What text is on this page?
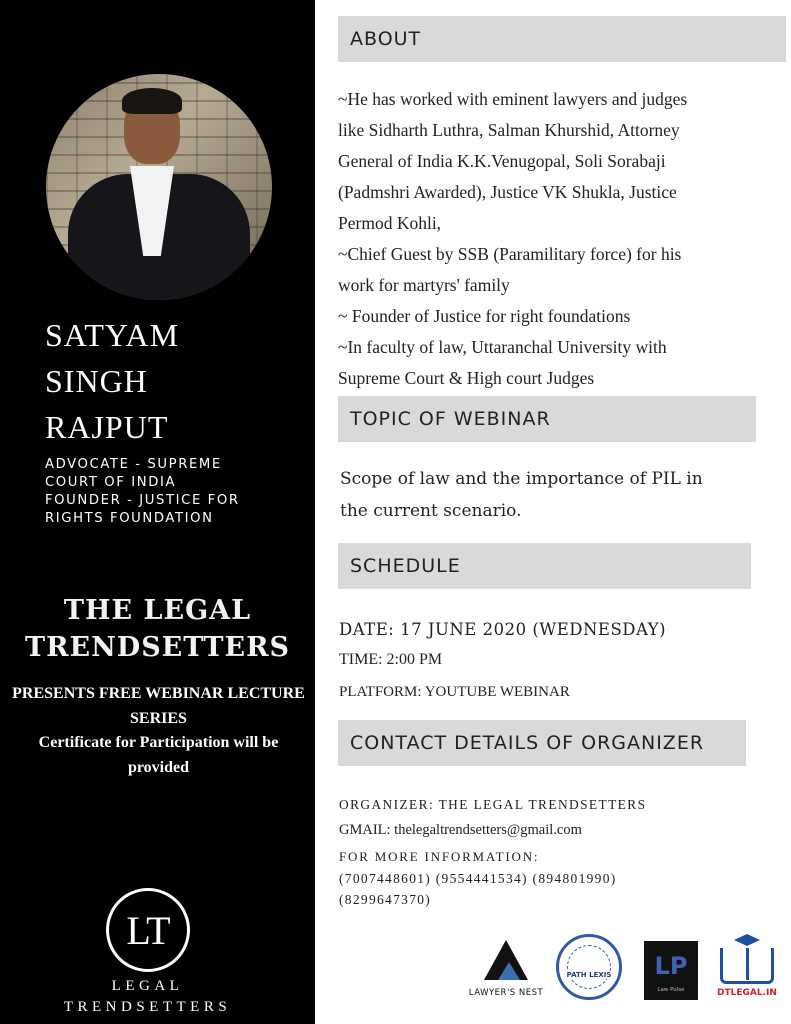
SATYAM
SINGH
RAJPUT
ADVOCATE - SUPREME
COURT OF INDIA
FOUNDER - JUSTICE FOR
RIGHTS FOUNDATION
THE LEGAL
TRENDSETTERS
PRESENTS FREE WEBINAR LECTURE
SERIES
Certificate for Participation will be
provided
LT
LEGAL
TRENDSETTERS
ABOUT
~He has worked with eminent lawyers and judges
like Sidharth Luthra, Salman Khurshid, Attorney
General of India K.K.Venugopal, Soli Sorabaji
(Padmshri Awarded), Justice VK Shukla, Justice
Permod Kohli,
~Chief Guest by SSB (Paramilitary force) for his
work for martyrs' family
~ Founder of Justice for right foundations
~In faculty of law, Uttaranchal University with
Supreme Court & High court Judges
TOPIC OF WEBINAR
Scope of law and the importance of PIL in
the current scenario.
SCHEDULE
DATE: 17 JUNE 2020 (WEDNESDAY)
TIME: 2:00 PM
PLATFORM: YOUTUBE WEBINAR
CONTACT DETAILS OF ORGANIZER
ORGANIZER: THE LEGAL TRENDSETTERS
GMAIL: thelegaltrendsetters@gmail.com
FOR MORE INFORMATION:
(7007448601) (9554441534) (894801990)
(8299647370)
LAWYER'S NEST
PATH LEXIS LP
Law Pulse	DTLEGAL.IN
